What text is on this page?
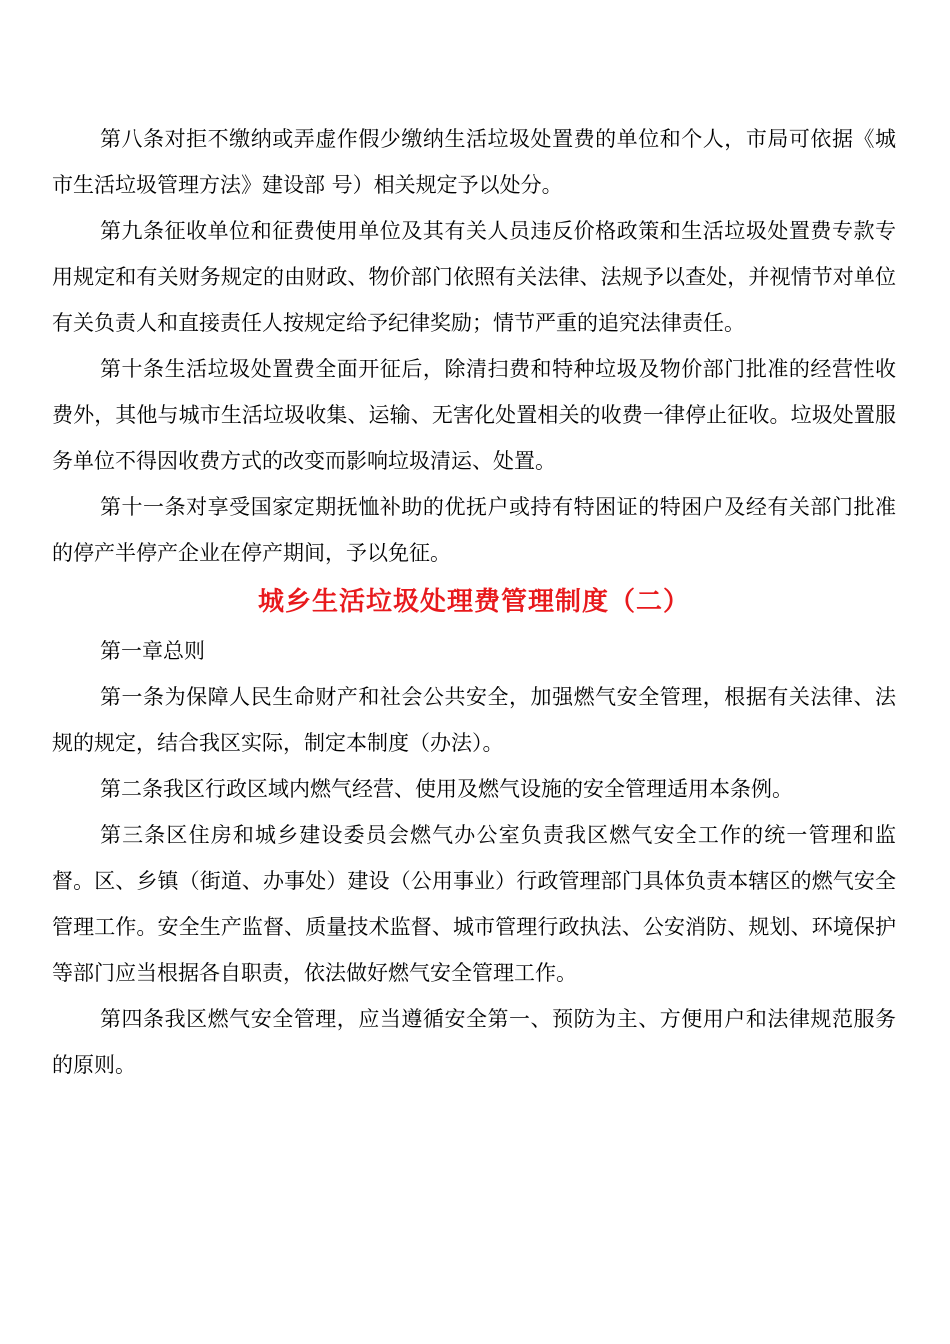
第八条对拒不缴纳或弄虚作假少缴纳生活垃圾处置费的单位和个人，市局可依据《城市生活垃圾管理方法》建设部 号）相关规定予以处分。

第九条征收单位和征费使用单位及其有关人员违反价格政策和生活垃圾处置费专款专用规定和有关财务规定的由财政、物价部门依照有关法律、法规予以查处，并视情节对单位有关负责人和直接责任人按规定给予纪律奖励；情节严重的追究法律责任。

第十条生活垃圾处置费全面开征后，除清扫费和特种垃圾及物价部门批准的经营性收费外，其他与城市生活垃圾收集、运输、无害化处置相关的收费一律停止征收。垃圾处置服务单位不得因收费方式的改变而影响垃圾清运、处置。

第十一条对享受国家定期抚恤补助的优抚户或持有特困证的特困户及经有关部门批准的停产半停产企业在停产期间，予以免征。

城乡生活垃圾处理费管理制度（二）

第一章总则

第一条为保障人民生命财产和社会公共安全，加强燃气安全管理，根据有关法律、法规的规定，结合我区实际，制定本制度（办法）。

第二条我区行政区域内燃气经营、使用及燃气设施的安全管理适用本条例。

第三条区住房和城乡建设委员会燃气办公室负责我区燃气安全工作的统一管理和监督。区、乡镇（街道、办事处）建设（公用事业）行政管理部门具体负责本辖区的燃气安全管理工作。安全生产监督、质量技术监督、城市管理行政执法、公安消防、规划、环境保护等部门应当根据各自职责，依法做好燃气安全管理工作。

第四条我区燃气安全管理，应当遵循安全第一、预防为主、方便用户和法律规范服务的原则。
